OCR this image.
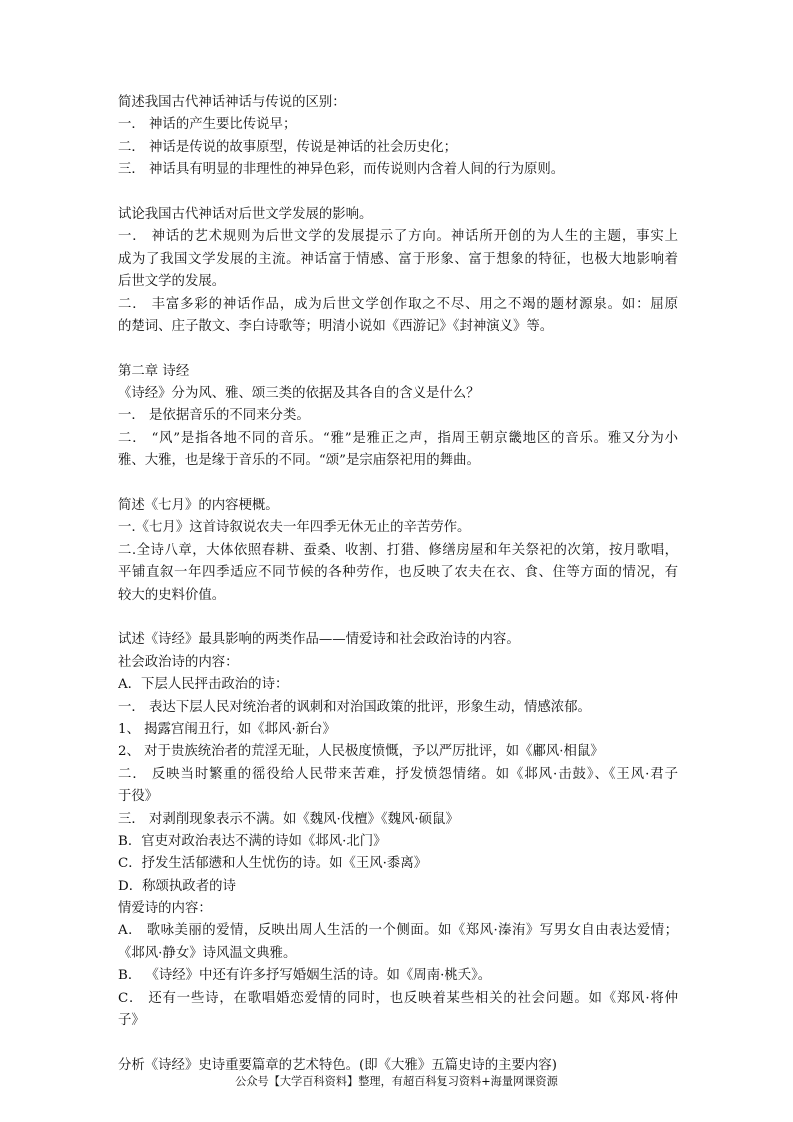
简述我国古代神话神话与传说的区别：
一． 神话的产生要比传说早；
二． 神话是传说的故事原型，传说是神话的社会历史化；
三． 神话具有明显的非理性的神异色彩，而传说则内含着人间的行为原则。
试论我国古代神话对后世文学发展的影响。
一． 神话的艺术规则为后世文学的发展提示了方向。神话所开创的为人生的主题，事实上
成为了我国文学发展的主流。神话富于情感、富于形象、富于想象的特征，也极大地影响着
后世文学的发展。
二． 丰富多彩的神话作品，成为后世文学创作取之不尽、用之不竭的题材源泉。如：屈原
的楚词、庄子散文、李白诗歌等；明清小说如《西游记》《封神演义》等。
第二章 诗经
《诗经》分为风、雅、颂三类的依据及其各自的含义是什么？
一． 是依据音乐的不同来分类。
二． “风”是指各地不同的音乐。“雅”是雅正之声，指周王朝京畿地区的音乐。雅又分为小
雅、大雅，也是缘于音乐的不同。“颂”是宗庙祭祀用的舞曲。
简述《七月》的内容梗概。
一.《七月》这首诗叙说农夫一年四季无休无止的辛苦劳作。
二.全诗八章，大体依照春耕、蚕桑、收割、打猎、修缮房屋和年关祭祀的次第，按月歌唱，
平铺直叙一年四季适应不同节候的各种劳作，也反映了农夫在衣、食、住等方面的情况，有
较大的史料价值。
试述《诗经》最具影响的两类作品——情爱诗和社会政治诗的内容。
社会政治诗的内容：
A．下层人民抨击政治的诗：
一． 表达下层人民对统治者的讽刺和对治国政策的批评，形象生动，情感浓郁。
1、 揭露宫闱丑行，如《邶风·新台》
2、 对于贵族统治者的荒淫无耻，人民极度愤慨，予以严厉批评，如《鄘风·相鼠》
二． 反映当时繁重的徭役给人民带来苦难，抒发愤怨情绪。如《邶风·击鼓》、《王风·君子
于役》
三． 对剥削现象表示不满。如《魏风·伐檀》《魏风·硕鼠》
B．官吏对政治表达不满的诗如《邶风·北门》
C．抒发生活郁懑和人生忧伤的诗。如《王风·黍离》
D．称颂执政者的诗
情爱诗的内容：
A． 歌咏美丽的爱情，反映出周人生活的一个侧面。如《郑风·溱洧》写男女自由表达爱情；
《邶风·静女》诗风温文典雅。
B． 《诗经》中还有许多抒写婚姻生活的诗。如《周南·桃夭》。
C． 还有一些诗，在歌唱婚恋爱情的同时，也反映着某些相关的社会问题。如《郑风·将仲
子》
分析《诗经》史诗重要篇章的艺术特色。(即《大雅》五篇史诗的主要内容)
公众号【大学百科资料】整理，有超百科复习资料+海量网课资源
